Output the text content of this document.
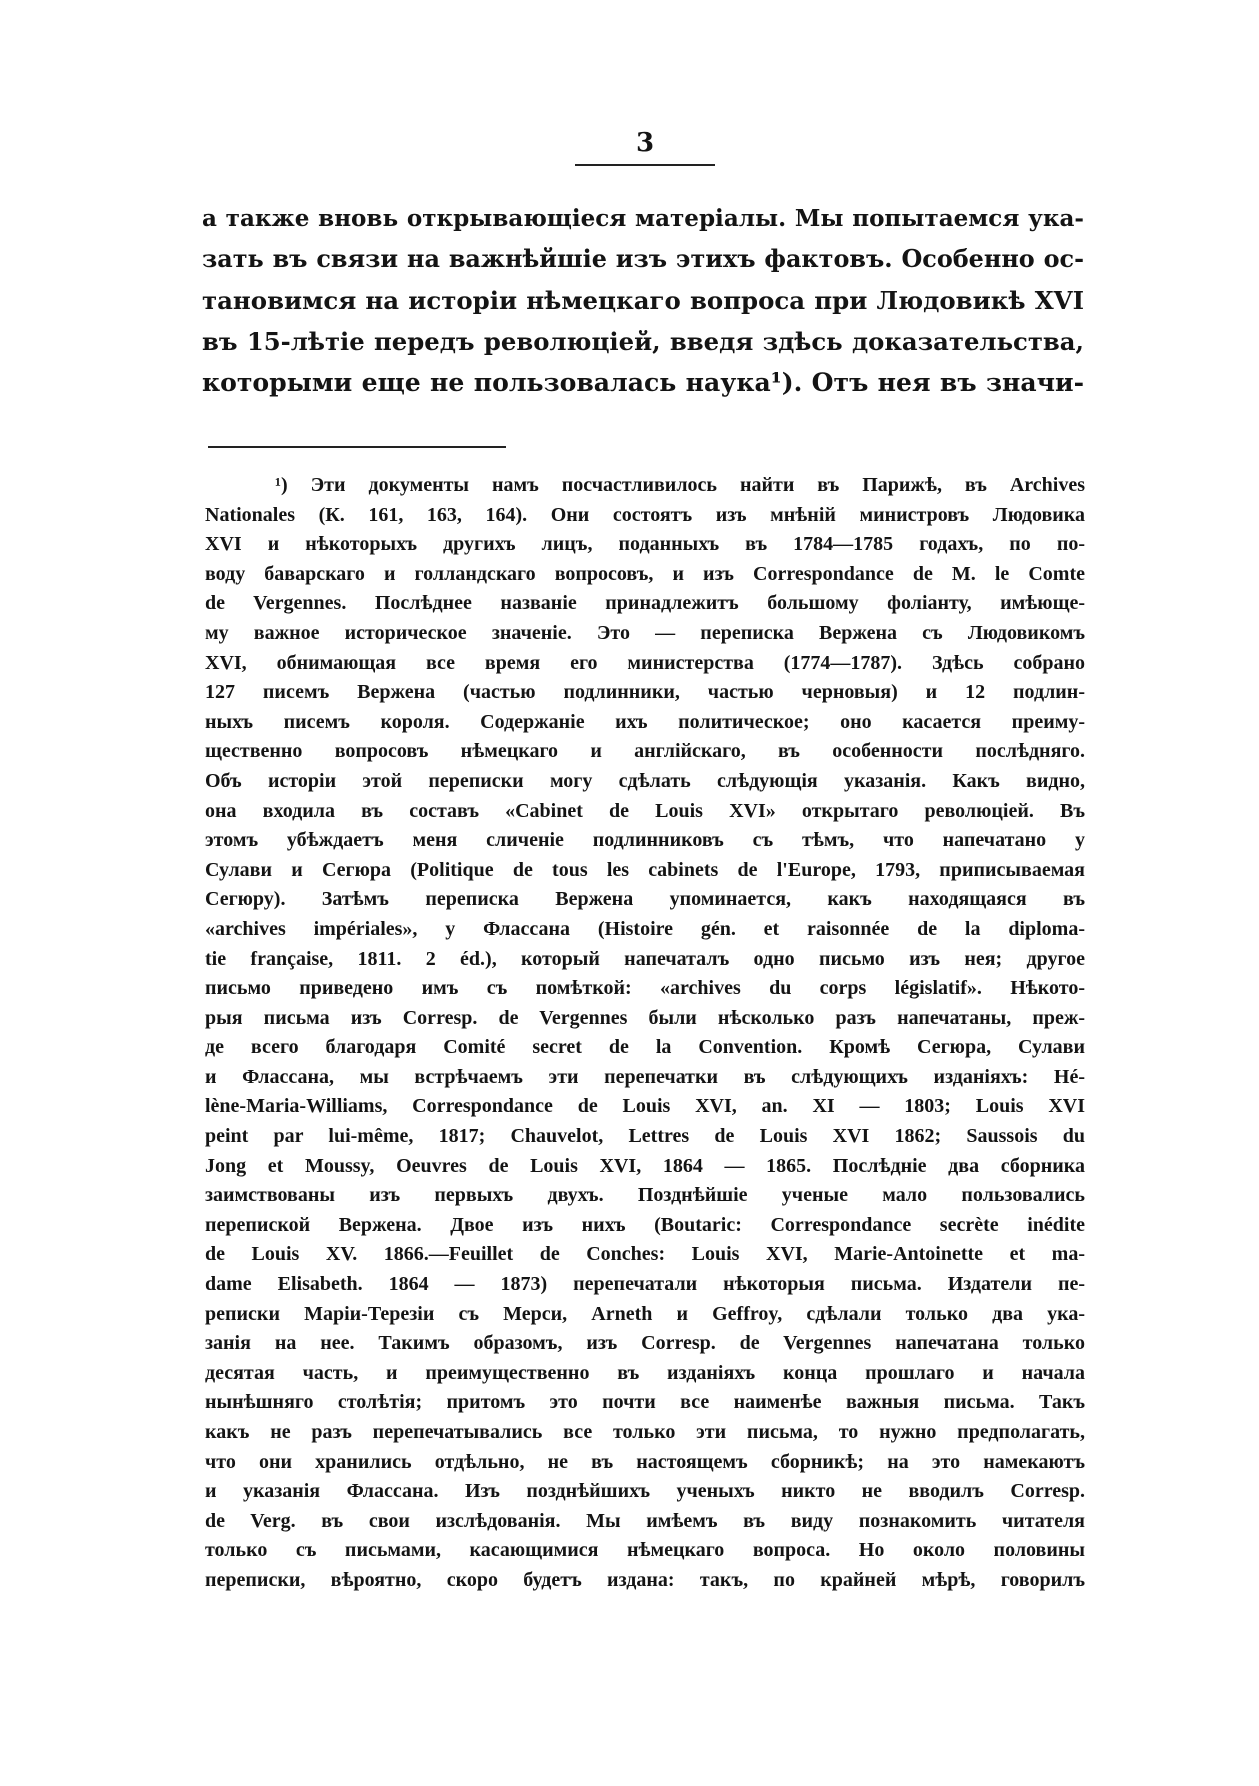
3
а также вновь открывающіеся матеріалы. Мы попытаемся ука-
зать въ связи на важнѣйшіе изъ этихъ фактовъ. Особенно ос-
тановимся на исторіи нѣмецкаго вопроса при Людовикѣ XVI
въ 15-лѣтіе передъ революціей, введя здѣсь доказательства,
которыми еще не пользовалась наука¹). Отъ нея въ значи-
¹) Эти документы намъ посчастливилось найти въ Парижѣ, въ Archives
Nationales (К. 161, 163, 164). Они состоятъ изъ мнѣній министровъ Людовика
XVI и нѣкоторыхъ другихъ лицъ, поданныхъ въ 1784—1785 годахъ, по по-
воду баварскаго и голландскаго вопросовъ, и изъ Correspondance de M. le Comte
de Vergennes. Послѣднее названіе принадлежитъ большому фоліанту, имѣюще-
му важное историческое значеніе. Это — переписка Вержена съ Людовикомъ
XVI, обнимающая все время его министерства (1774—1787). Здѣсь собрано
127 писемъ Вержена (частью подлинники, частью черновыя) и 12 подлин-
ныхъ писемъ короля. Содержаніе ихъ политическое; оно касается преиму-
щественно вопросовъ нѣмецкаго и англійскаго, въ особенности послѣдняго.
Объ исторіи этой переписки могу сдѣлать слѣдующія указанія. Какъ видно,
она входила въ составъ «Cabinet de Louis XVI» открытаго революціей. Въ
этомъ убѣждаетъ меня сличеніе подлинниковъ съ тѣмъ, что напечатано у
Сулави и Сегюра (Politique de tous les cabinets de l'Europe, 1793, приписываемая
Сегюру). Затѣмъ переписка Вержена упоминается, какъ находящаяся въ
«archives impériales», у Флассана (Histoire gén. et raisonnée de la diploma-
tie française, 1811. 2 éd.), который напечаталъ одно письмо изъ нея; другое
письмо приведено имъ съ помѣткой: «archives du corps législatif». Нѣкото-
рыя письма изъ Corresp. de Vergennes были нѣсколько разъ напечатаны, преж-
де всего благодаря Comité secret de la Convention. Кромѣ Сегюра, Сулави
и Флассана, мы встрѣчаемъ эти перепечатки въ слѣдующихъ изданіяхъ: Hé-
lène-Maria-Williams, Correspondance de Louis XVI, an. XI — 1803; Louis XVI
peint par lui-même, 1817; Chauvelot, Lettres de Louis XVI 1862; Saussois du
Jong et Moussy, Oeuvres de Louis XVI, 1864 — 1865. Послѣдніе два сборника
заимствованы изъ первыхъ двухъ. Позднѣйшіе ученые мало пользовались
перепиской Вержена. Двое изъ нихъ (Boutaric: Correspondance secrète inédite
de Louis XV. 1866.—Feuillet de Conches: Louis XVI, Marie-Antoinette et ma-
dame Elisabeth. 1864 — 1873) перепечатали нѣкоторыя письма. Издатели пе-
реписки Маріи-Терезіи съ Мерси, Arneth и Geffroy, сдѣлали только два ука-
занія на нее. Такимъ образомъ, изъ Corresp. de Vergennes напечатана только
десятая часть, и преимущественно въ изданіяхъ конца прошлаго и начала
нынѣшняго столѣтія; притомъ это почти все наименѣе важныя письма. Такъ
какъ не разъ перепечатывались все только эти письма, то нужно предполагать,
что они хранились отдѣльно, не въ настоящемъ сборникѣ; на это намекаютъ
и указанія Флассана. Изъ позднѣйшихъ ученыхъ никто не вводилъ Corresp.
de Verg. въ свои изслѣдованія. Мы имѣемъ въ виду познакомить читателя
только съ письмами, касающимися нѣмецкаго вопроса. Но около половины
переписки, вѣроятно, скоро будетъ издана: такъ, по крайней мѣрѣ, говорилъ
